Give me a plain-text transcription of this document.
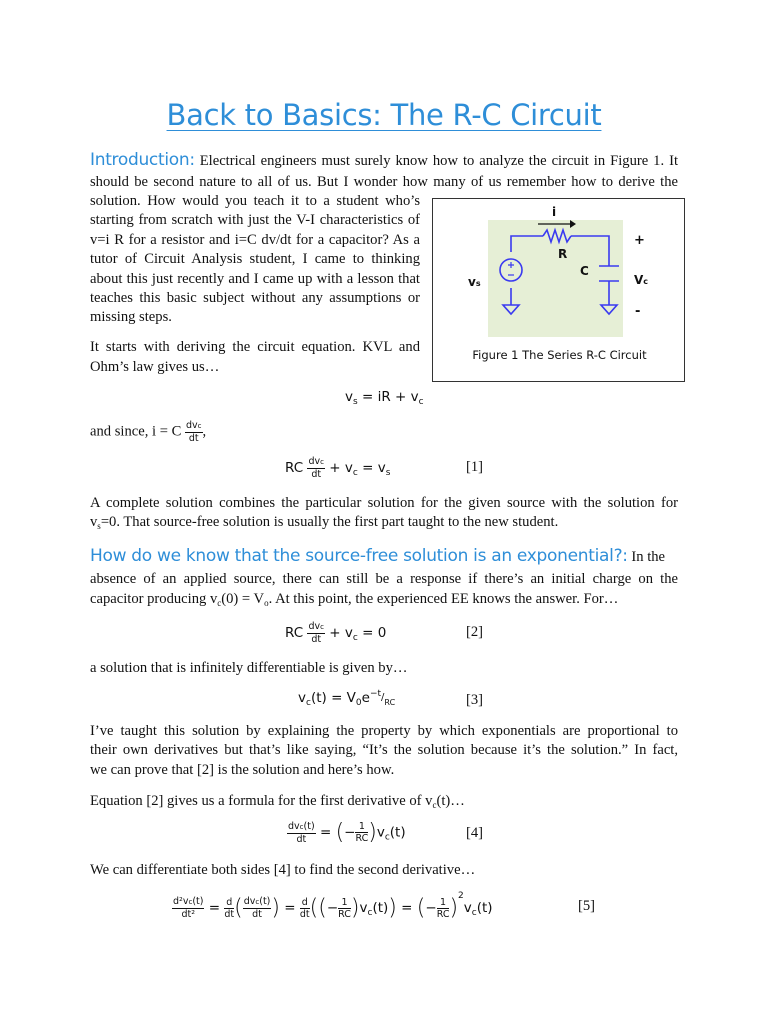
Back to Basics: The R-C Circuit
Introduction: Electrical engineers must surely know how to analyze the circuit in Figure 1. It
should be second nature to all of us. But I wonder how many of us remember how to derive the
solution. How would you teach it to a student who’s
starting from scratch with just the V-I characteristics of
v=i R for a resistor and i=C dv/dt for a capacitor? As a
tutor of Circuit Analysis student, I came to thinking
about this just recently and I came up with a lesson that
teaches this basic subject without any assumptions or
missing steps.
It starts with deriving the circuit equation. KVL and
Ohm’s law gives us…
i
R
C
vs	Vc
+
-
Figure 1 The Series R-C Circuit
$v_s$ = iR + $v_c$
and since, i = C $\frac{\text{dvc}}{dt}$ ,
RC $\frac{\text{dvc}}{dt} + v_c = v_s$	[1]
A complete solution combines the particular solution for the given source with the solution for
$v_s=0$. That source-free solution is usually the first part taught to the new student.
How do we know that the source-free solution is an exponential?: In the
absence of an applied source, there can still be a response if there’s an initial charge on the
capacitor producing $v_c(0) = V_o$. At this point, the experienced EE knows the answer. For…
RC $\frac{\text{dvc}}{dt} + v_c = 0$	[2]
a solution that is infinitely differentiable is given by…
$v_c(t) = V_0e^{-t}/_{RC}$	[3]
I’ve taught this solution by explaining the property by which exponentials are proportional to
their own derivatives but that’s like saying, “It’s the solution because it’s the solution.” In fact,
we can prove that [2] is the solution and here’s how.
Equation [2] gives us a formula for the first derivative of $v_c(t)\dots$
$\frac{\text{dvc(t)}}{dt}$ = (− $\frac{1}{RC} )v_c(t)$	[4]
We can differentiate both sides [4] to find the second derivative…
$\frac{\text{d²vc(t)}}{\text{dt²}} = \frac{d}{dt}$ ( $\frac{\text{dvc(t)}}{dt}$ ) = $\frac{d}{dt}$ ((− $\frac{1}{RC} )v_c(t)$) = (− $\frac{1}{RC} )^2v_c(t)$	[5]
